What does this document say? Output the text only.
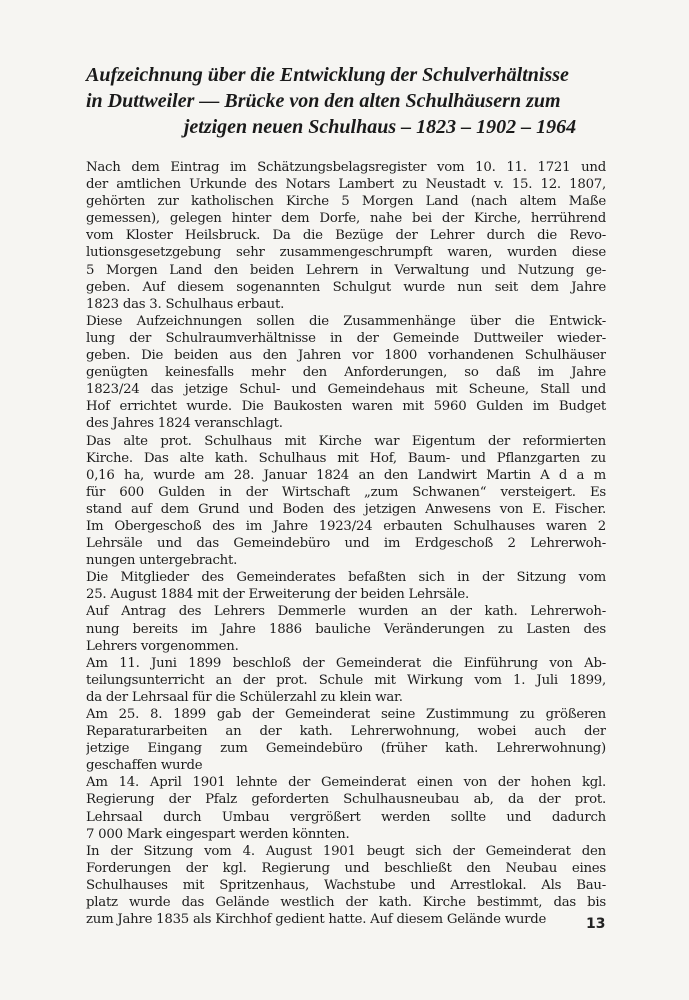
Aufzeichnung über die Entwicklung der Schulverhältnisse
in Duttweiler — Brücke von den alten Schulhäusern zum
jetzigen neuen Schulhaus – 1823 – 1902 – 1964
Nach dem Eintrag im Schätzungsbelagsregister vom 10. 11. 1721 und
der amtlichen Urkunde des Notars Lambert zu Neustadt v. 15. 12. 1807,
gehörten zur katholischen Kirche 5 Morgen Land (nach altem Maße
gemessen), gelegen hinter dem Dorfe, nahe bei der Kirche, herrührend
vom Kloster Heilsbruck. Da die Bezüge der Lehrer durch die Revo-
lutionsgesetzgebung sehr zusammengeschrumpft waren, wurden diese
5 Morgen Land den beiden Lehrern in Verwaltung und Nutzung ge-
geben. Auf diesem sogenannten Schulgut wurde nun seit dem Jahre
1823 das 3. Schulhaus erbaut.
Diese Aufzeichnungen sollen die Zusammenhänge über die Entwick-
lung der Schulraumverhältnisse in der Gemeinde Duttweiler wieder-
geben. Die beiden aus den Jahren vor 1800 vorhandenen Schulhäuser
genügten keinesfalls mehr den Anforderungen, so daß im Jahre
1823/24 das jetzige Schul- und Gemeindehaus mit Scheune, Stall und
Hof errichtet wurde. Die Baukosten waren mit 5960 Gulden im Budget
des Jahres 1824 veranschlagt.
Das alte prot. Schulhaus mit Kirche war Eigentum der reformierten
Kirche. Das alte kath. Schulhaus mit Hof, Baum- und Pflanzgarten zu
0,16 ha, wurde am 28. Januar 1824 an den Landwirt Martin A d a m
für 600 Gulden in der Wirtschaft „zum Schwanen“ versteigert. Es
stand auf dem Grund und Boden des jetzigen Anwesens von E. Fischer.
Im Obergeschoß des im Jahre 1923/24 erbauten Schulhauses waren 2
Lehrsäle und das Gemeindebüro und im Erdgeschoß 2 Lehrerwoh-
nungen untergebracht.
Die Mitglieder des Gemeinderates befaßten sich in der Sitzung vom
25. August 1884 mit der Erweiterung der beiden Lehrsäle.
Auf Antrag des Lehrers Demmerle wurden an der kath. Lehrerwoh-
nung bereits im Jahre 1886 bauliche Veränderungen zu Lasten des
Lehrers vorgenommen.
Am 11. Juni 1899 beschloß der Gemeinderat die Einführung von Ab-
teilungsunterricht an der prot. Schule mit Wirkung vom 1. Juli 1899,
da der Lehrsaal für die Schülerzahl zu klein war.
Am 25. 8. 1899 gab der Gemeinderat seine Zustimmung zu größeren
Reparaturarbeiten an der kath. Lehrerwohnung, wobei auch der
jetzige Eingang zum Gemeindebüro (früher kath. Lehrerwohnung)
geschaffen wurde
Am 14. April 1901 lehnte der Gemeinderat einen von der hohen kgl.
Regierung der Pfalz geforderten Schulhausneubau ab, da der prot.
Lehrsaal durch Umbau vergrößert werden sollte und dadurch
7 000 Mark eingespart werden könnten.
In der Sitzung vom 4. August 1901 beugt sich der Gemeinderat den
Forderungen der kgl. Regierung und beschließt den Neubau eines
Schulhauses mit Spritzenhaus, Wachstube und Arrestlokal. Als Bau-
platz wurde das Gelände westlich der kath. Kirche bestimmt, das bis
zum Jahre 1835 als Kirchhof gedient hatte. Auf diesem Gelände wurde	13
